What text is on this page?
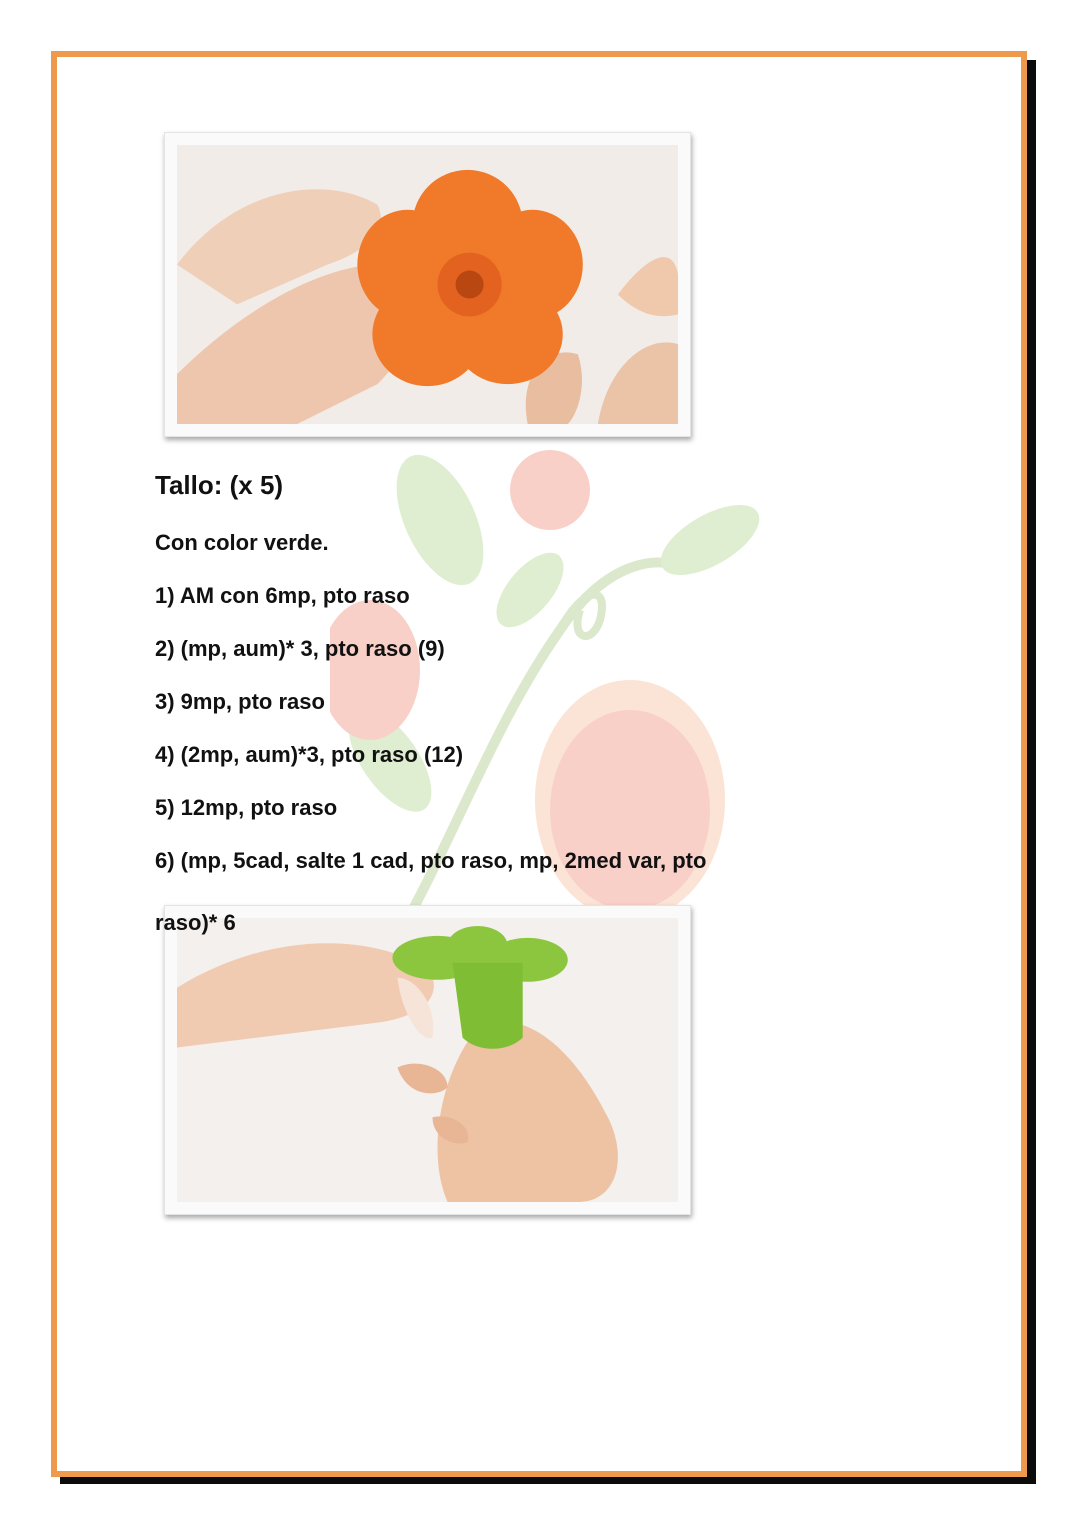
Tallo: (x 5)
Con color verde.
1) AM con 6mp, pto raso
2) (mp, aum)* 3, pto raso (9)
3) 9mp, pto raso
4) (2mp, aum)*3, pto raso (12)
5) 12mp, pto raso
6) (mp, 5cad, salte 1 cad, pto raso, mp, 2med var, pto
raso)* 6
